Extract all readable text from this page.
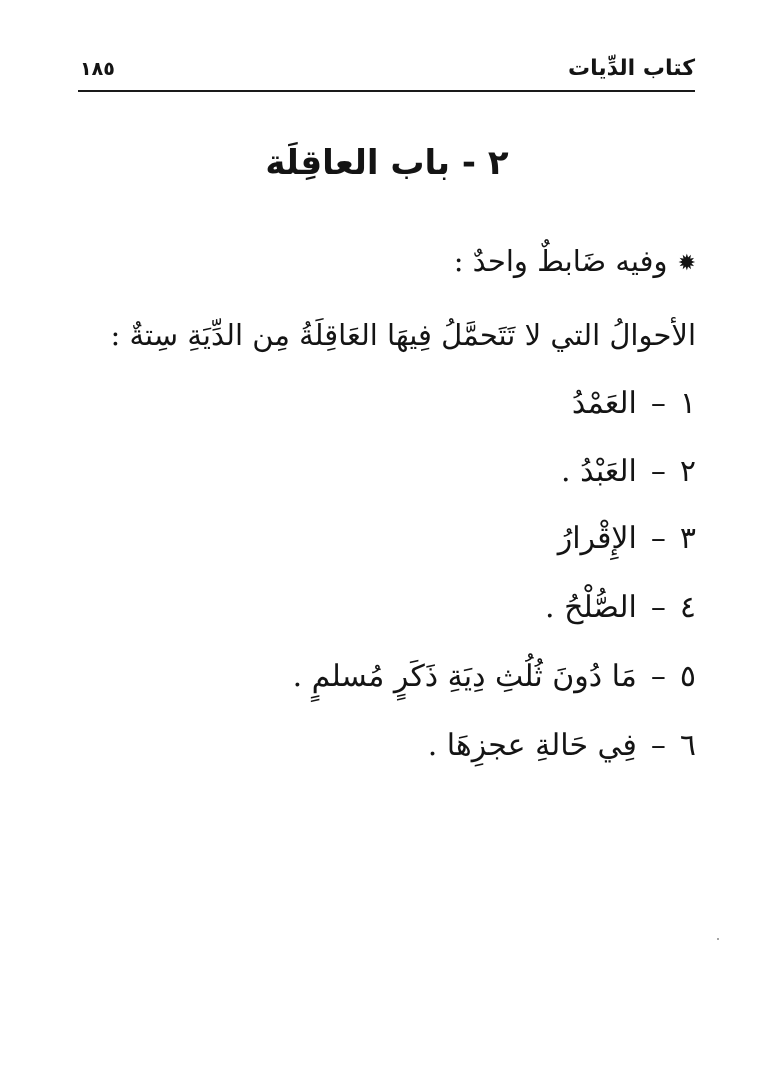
كتاب الدِّيات
١٨٥
٢ - باب العاقِلَة
✹وفيه ضَابطٌ واحدٌ :
الأحوالُ التي لا تَتَحمَّلُ فِيهَا العَاقِلَةُ مِن الدِّيَةِ سِتةٌ :
١–العَمْدُ
٢–العَبْدُ .
٣–الإِقْرارُ
٤–الصُّلْحُ .
٥–مَا دُونَ ثُلُثِ دِيَةِ ذَكَرٍ مُسلمٍ .
٦–فِي حَالةِ عجزِهَا .
